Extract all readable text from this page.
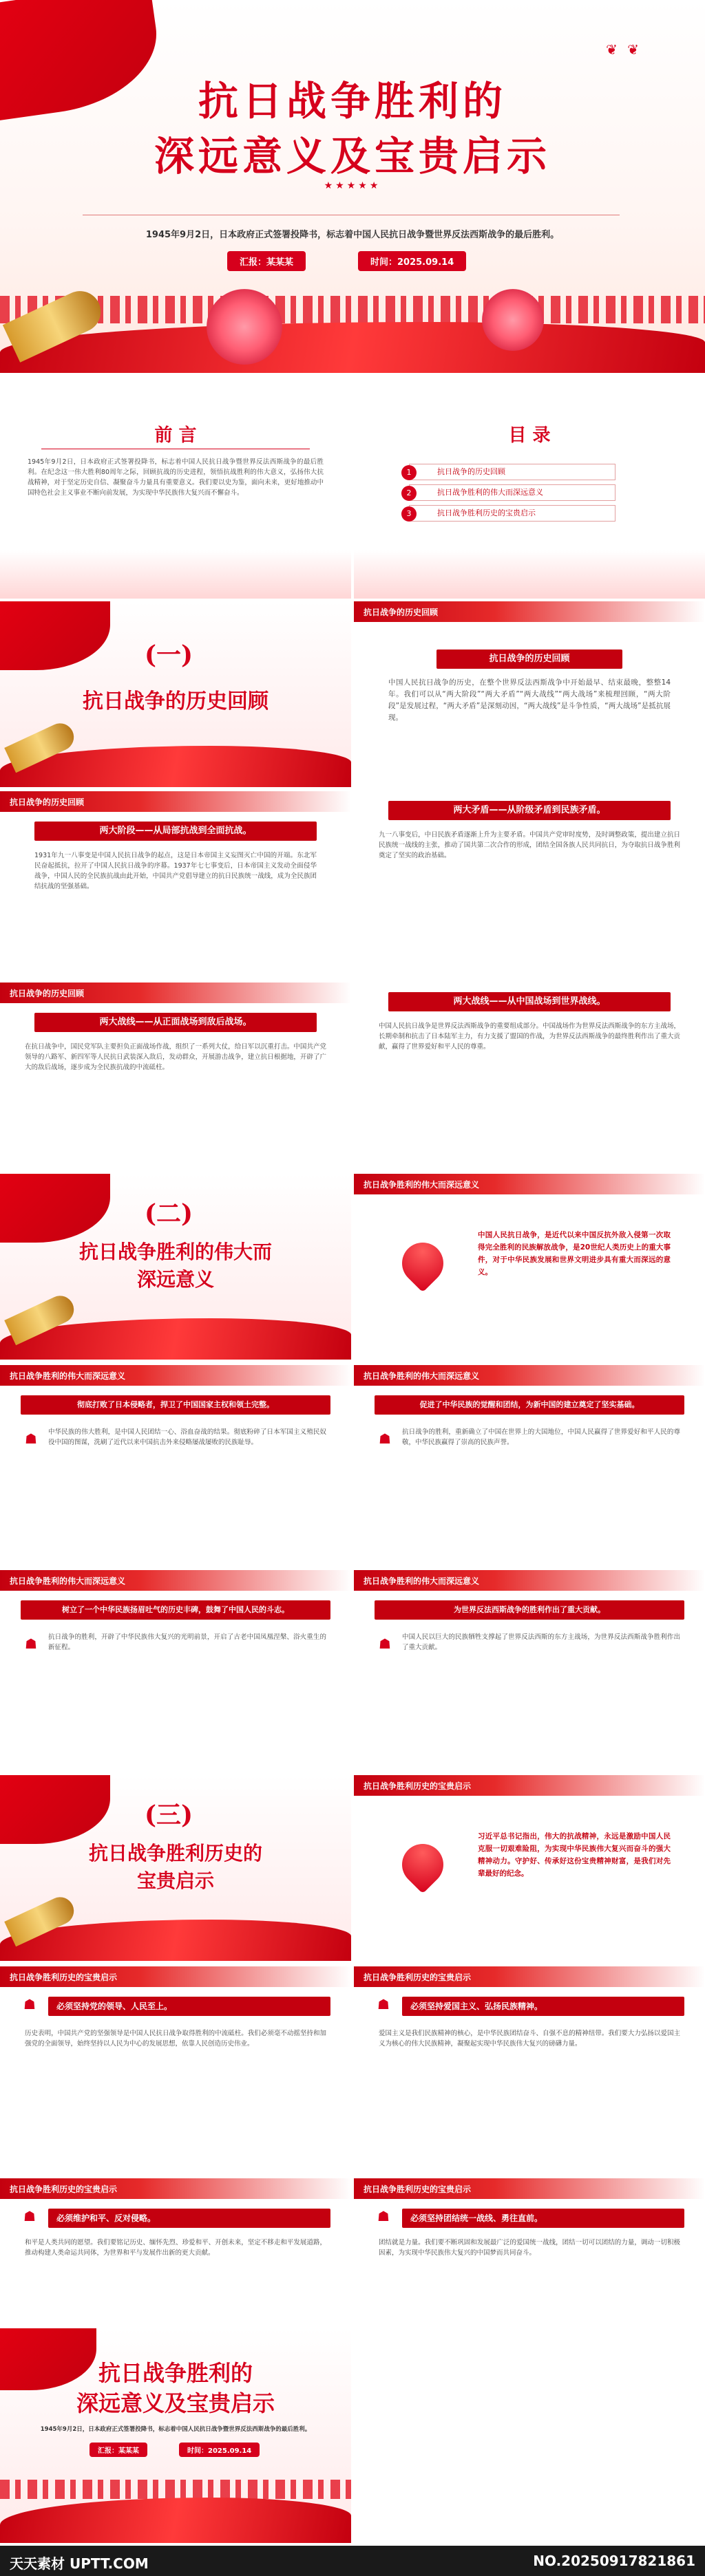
❦ ❦
抗日战争胜利的
深远意义及宝贵启示
★★★★★
1945年9月2日，日本政府正式签署投降书，标志着中国人民抗日战争暨世界反法西斯战争的最后胜利。
汇报：某某某	时间：2025.09.14
前 言
1945年9月2日，日本政府正式签署投降书，标志着中国人民抗日战争暨世界反法西斯战争的最后胜利。在纪念这一伟大胜利80周年之际，回顾抗战的历史进程，领悟抗战胜利的伟大意义，弘扬伟大抗战精神，对于坚定历史自信、凝聚奋斗力量具有重要意义。我们要以史为鉴，面向未来，更好地推动中国特色社会主义事业不断向前发展，为实现中华民族伟大复兴而不懈奋斗。
目 录
1	抗日战争的历史回顾
2	抗日战争胜利的伟大而深远意义
3	抗日战争胜利历史的宝贵启示
(一)
抗日战争的历史回顾
抗日战争的历史回顾
抗日战争的历史回顾
中国人民抗日战争的历史，在整个世界反法西斯战争中开始最早、结束最晚，整整14年。我们可以从“两大阶段”“两大矛盾”“两大战线”“两大战场”来梳理回顾，“两大阶段”是发展过程，“两大矛盾”是深刻动因，“两大战线”是斗争性质，“两大战场”是抵抗展现。
抗日战争的历史回顾
两大阶段——从局部抗战到全面抗战。
1931年九一八事变是中国人民抗日战争的起点，这是日本帝国主义妄图灭亡中国的开端。东北军民奋起抵抗，拉开了中国人民抗日战争的序幕。1937年七七事变后，日本帝国主义发动全面侵华战争，中国人民的全民族抗战由此开始，中国共产党倡导建立的抗日民族统一战线，成为全民族团结抗战的坚强基础。
两大矛盾——从阶级矛盾到民族矛盾。
九一八事变后，中日民族矛盾逐渐上升为主要矛盾。中国共产党审时度势，及时调整政策，提出建立抗日民族统一战线的主张，推动了国共第二次合作的形成，团结全国各族人民共同抗日，为夺取抗日战争胜利奠定了坚实的政治基础。
抗日战争的历史回顾
两大战线——从正面战场到敌后战场。
在抗日战争中，国民党军队主要担负正面战场作战，组织了一系列大仗，给日军以沉重打击。中国共产党领导的八路军、新四军等人民抗日武装深入敌后，发动群众，开展游击战争，建立抗日根据地，开辟了广大的敌后战场，逐步成为全民族抗战的中流砥柱。
两大战线——从中国战场到世界战线。
中国人民抗日战争是世界反法西斯战争的重要组成部分。中国战场作为世界反法西斯战争的东方主战场，长期牵制和抗击了日本陆军主力，有力支援了盟国的作战，为世界反法西斯战争的最终胜利作出了重大贡献，赢得了世界爱好和平人民的尊重。
(二)
抗日战争胜利的伟大而
深远意义
抗日战争胜利的伟大而深远意义
中国人民抗日战争，是近代以来中国反抗外敌入侵第一次取得完全胜利的民族解放战争，是20世纪人类历史上的重大事件，对于中华民族发展和世界文明进步具有重大而深远的意义。
抗日战争胜利的伟大而深远意义
彻底打败了日本侵略者，捍卫了中国国家主权和领土完整。
☗	中华民族的伟大胜利，是中国人民团结一心、浴血奋战的结果。彻底粉碎了日本军国主义殖民奴役中国的图谋，洗刷了近代以来中国抗击外来侵略屡战屡败的民族耻辱。
抗日战争胜利的伟大而深远意义
促进了中华民族的觉醒和团结，为新中国的建立奠定了坚实基础。
☗	抗日战争的胜利，重新确立了中国在世界上的大国地位，中国人民赢得了世界爱好和平人民的尊敬，中华民族赢得了崇高的民族声誉。
抗日战争胜利的伟大而深远意义
树立了一个中华民族扬眉吐气的历史丰碑，鼓舞了中国人民的斗志。
☗	抗日战争的胜利，开辟了中华民族伟大复兴的光明前景，开启了古老中国凤凰涅槃、浴火重生的新征程。
抗日战争胜利的伟大而深远意义
为世界反法西斯战争的胜利作出了重大贡献。
☗	中国人民以巨大的民族牺牲支撑起了世界反法西斯的东方主战场，为世界反法西斯战争胜利作出了重大贡献。
(三)
抗日战争胜利历史的
宝贵启示
抗日战争胜利历史的宝贵启示
习近平总书记指出，伟大的抗战精神，永远是激励中国人民克服一切艰难险阻，为实现中华民族伟大复兴而奋斗的强大精神动力。守护好、传承好这份宝贵精神财富，是我们对先辈最好的纪念。
抗日战争胜利历史的宝贵启示
☗	必须坚持党的领导、人民至上。
历史表明，中国共产党的坚强领导是中国人民抗日战争取得胜利的中流砥柱。我们必须毫不动摇坚持和加强党的全面领导，始终坚持以人民为中心的发展思想，依靠人民创造历史伟业。
抗日战争胜利历史的宝贵启示
☗	必须坚持爱国主义、弘扬民族精神。
爱国主义是我们民族精神的核心，是中华民族团结奋斗、自强不息的精神纽带。我们要大力弘扬以爱国主义为核心的伟大民族精神，凝聚起实现中华民族伟大复兴的磅礴力量。
抗日战争胜利历史的宝贵启示
☗	必须维护和平、反对侵略。
和平是人类共同的愿望。我们要铭记历史、缅怀先烈、珍爱和平、开创未来，坚定不移走和平发展道路，推动构建人类命运共同体，为世界和平与发展作出新的更大贡献。
抗日战争胜利历史的宝贵启示
☗	必须坚持团结统一战线、勇往直前。
团结就是力量。我们要不断巩固和发展最广泛的爱国统一战线，团结一切可以团结的力量，调动一切积极因素，为实现中华民族伟大复兴的中国梦而共同奋斗。
抗日战争胜利的
深远意义及宝贵启示
1945年9月2日，日本政府正式签署投降书，标志着中国人民抗日战争暨世界反法西斯战争的最后胜利。
汇报：某某某	时间：2025.09.14
天天素材 UPTT.COM	NO.20250917821861
